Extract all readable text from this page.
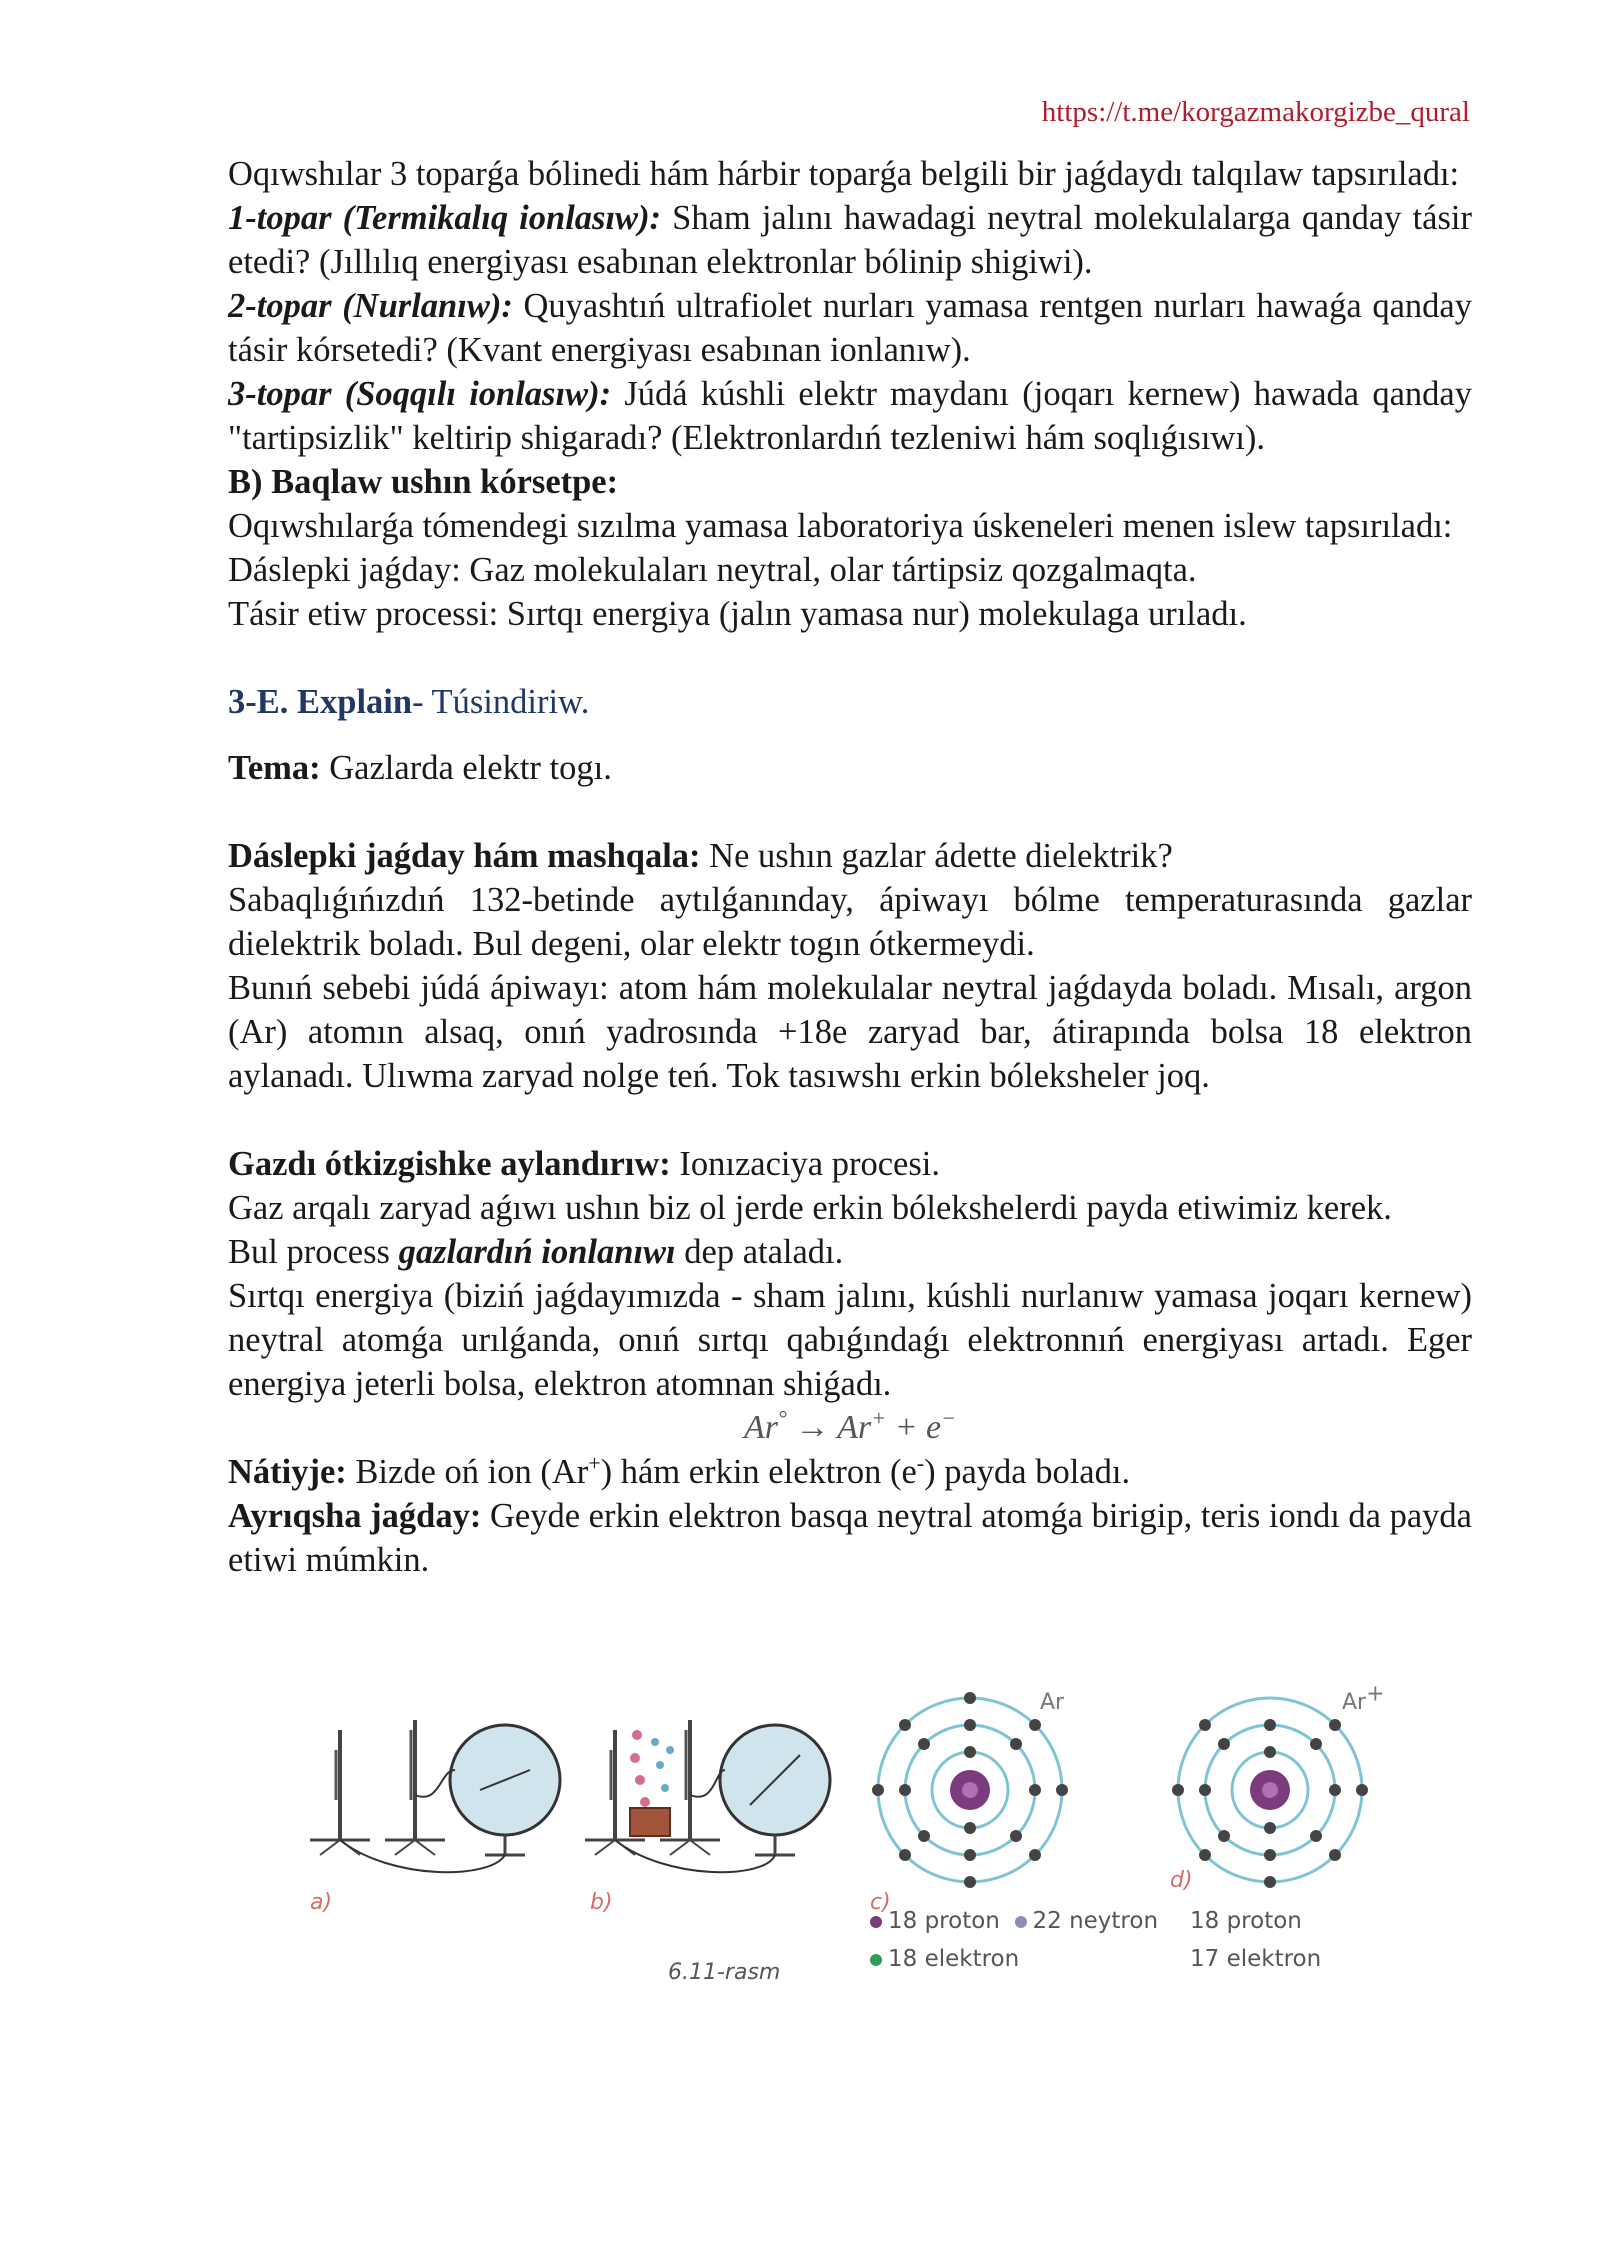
https://t.me/korgazmakorgizbe_qural

Oqıwshılar 3 toparǵa bólinedi hám hárbir toparǵa belgili bir jaǵdaydı talqılaw tapsırıladı:

1-topar (Termikalıq ionlasıw): Sham jalını hawadagi neytral molekulalarga qanday tásir etedi? (Jıllılıq energiyası esabınan elektronlar bólinip shigiwi).

2-topar (Nurlanıw): Quyashtıń ultrafiolet nurları yamasa rentgen nurları hawaǵa qanday tásir kórsetedi? (Kvant energiyası esabınan ionlanıw).

3-topar (Soqqılı ionlasıw): Júdá kúshli elektr maydanı (joqarı kernew) hawada qanday "tartipsizlik" keltirip shigaradı? (Elektronlardıń tezleniwi hám soqlıǵısıwı).

B) Baqlaw ushın kórsetpe:

Oqıwshılarǵa tómendegi sızılma yamasa laboratoriya úskeneleri menen islew tapsırıladı:

Dáslepki jaǵday: Gaz molekulaları neytral, olar tártipsiz qozgalmaqta.

Tásir etiw processi: Sırtqı energiya (jalın yamasa nur) molekulaga urıladı.

3-E. Explain- Túsindiriw.

Tema: Gazlarda elektr togı.

Dáslepki jaǵday hám mashqala: Ne ushın gazlar ádette dielektrik?

Sabaqlıǵıńızdıń 132-betinde aytılǵanınday, ápiwayı bólme temperaturasında gazlar dielektrik boladı. Bul degeni, olar elektr togın ótkermeydi.

Bunıń sebebi júdá ápiwayı: atom hám molekulalar neytral jaǵdayda boladı. Mısalı, argon (Ar) atomın alsaq, onıń yadrosında +18e zaryad bar, átirapında bolsa 18 elektron aylanadı. Ulıwma zaryad nolge teń. Tok tasıwshı erkin bóleksheler joq.

Gazdı ótkizgishke aylandırıw: Ionızaciya procesi.

Gaz arqalı zaryad aǵıwı ushın biz ol jerde erkin bólekshelerdi payda etiwimiz kerek.

Bul process gazlardıń ionlanıwı dep ataladı.

Sırtqı energiya (biziń jaǵdayımızda - sham jalını, kúshli nurlanıw yamasa joqarı kernew) neytral atomǵa urılǵanda, onıń sırtqı qabıǵındaǵı elektronnıń energiyası artadı. Eger energiya jeterli bolsa, elektron atomnan shiǵadı.

Ar° → Ar+ + e−

Nátiyje: Bizde oń ion (Ar+) hám erkin elektron (e-) payda boladı.

Ayrıqsha jaǵday: Geyde erkin elektron basqa neytral atomǵa birigip, teris iondı da payda etiwi múmkin.

Ar	Ar+
a)	b)	c)
d)
18 proton 22 neytron
18 elektron
18 proton
17 elektron
6.11-rasm
